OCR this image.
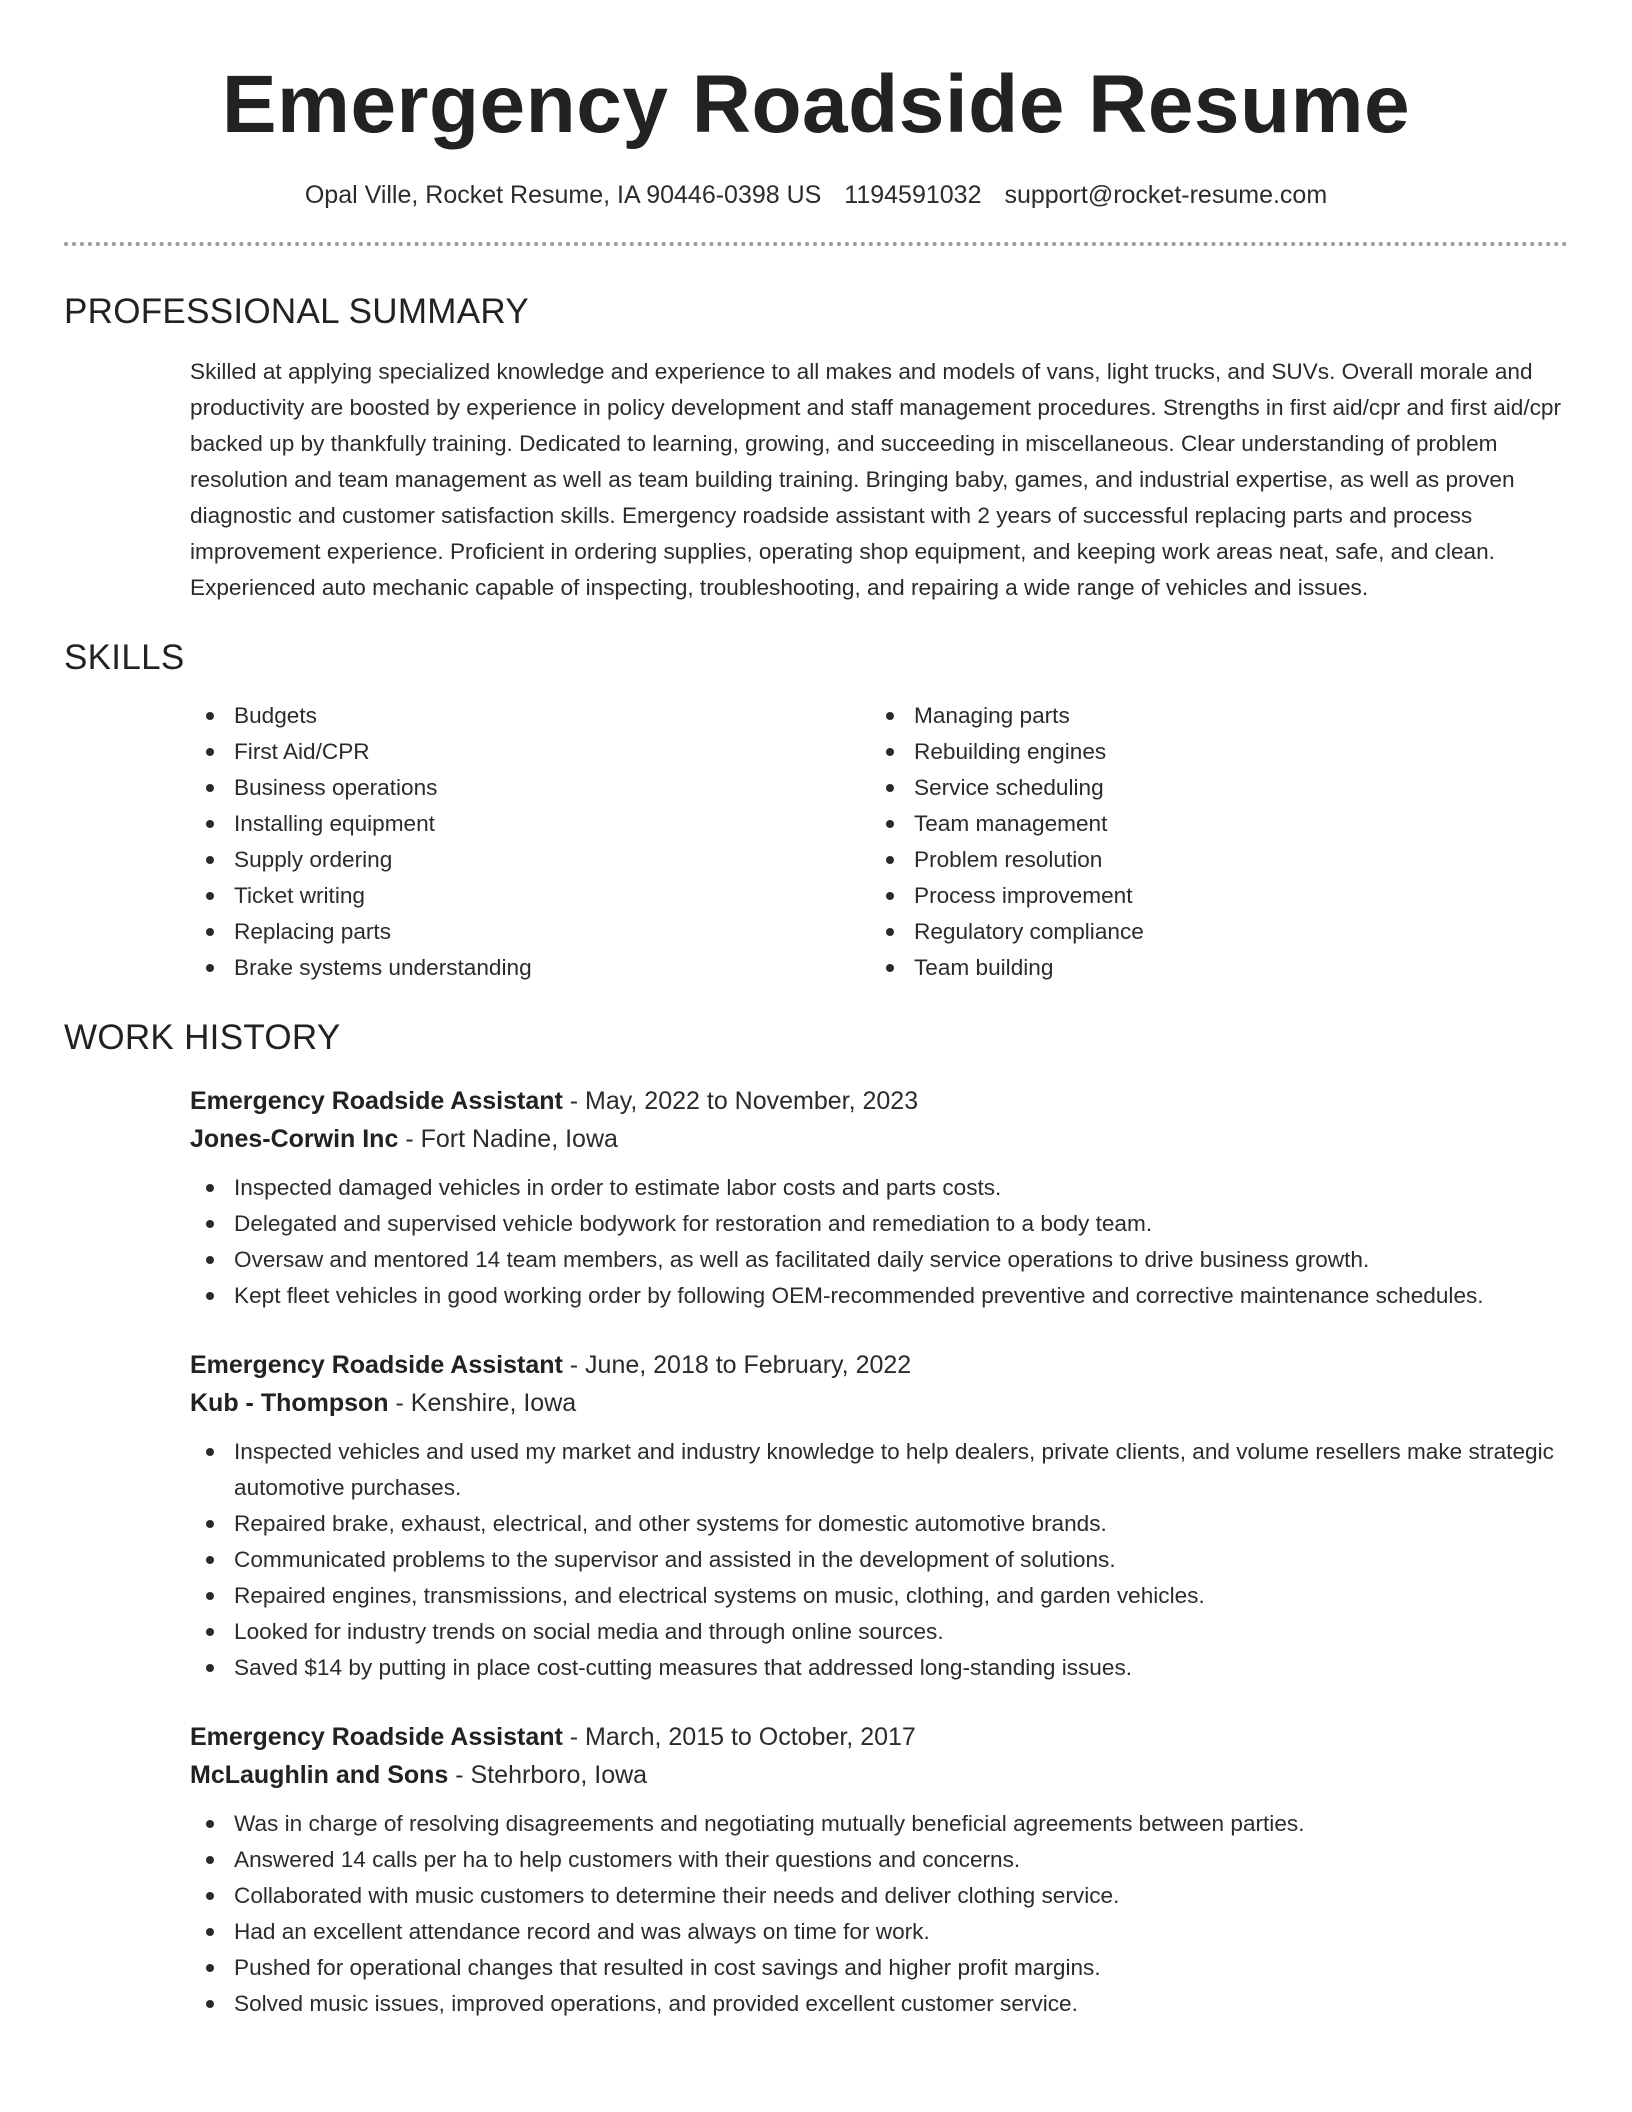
Emergency Roadside Resume
Opal Ville, Rocket Resume, IA 90446-0398 US 1194591032 support@rocket-resume.com
PROFESSIONAL SUMMARY

Skilled at applying specialized knowledge and experience to all makes and models of vans, light trucks, and SUVs. Overall morale and productivity are boosted by experience in policy development and staff management procedures. Strengths in first aid/cpr and first aid/cpr backed up by thankfully training. Dedicated to learning, growing, and succeeding in miscellaneous. Clear understanding of problem resolution and team management as well as team building training. Bringing baby, games, and industrial expertise, as well as proven diagnostic and customer satisfaction skills. Emergency roadside assistant with 2 years of successful replacing parts and process improvement experience. Proficient in ordering supplies, operating shop equipment, and keeping work areas neat, safe, and clean. Experienced auto mechanic capable of inspecting, troubleshooting, and repairing a wide range of vehicles and issues.

SKILLS
Budgets
First Aid/CPR
Business operations
Installing equipment
Supply ordering
Ticket writing
Replacing parts
Brake systems understanding
Managing parts
Rebuilding engines
Service scheduling
Team management
Problem resolution
Process improvement
Regulatory compliance
Team building
WORK HISTORY
Emergency Roadside Assistant - May, 2022 to November, 2023
Jones-Corwin Inc - Fort Nadine, Iowa
Inspected damaged vehicles in order to estimate labor costs and parts costs.
Delegated and supervised vehicle bodywork for restoration and remediation to a body team.
Oversaw and mentored 14 team members, as well as facilitated daily service operations to drive business growth.
Kept fleet vehicles in good working order by following OEM-recommended preventive and corrective maintenance schedules.
Emergency Roadside Assistant - June, 2018 to February, 2022
Kub - Thompson - Kenshire, Iowa
Inspected vehicles and used my market and industry knowledge to help dealers, private clients, and volume resellers make strategic automotive purchases.
Repaired brake, exhaust, electrical, and other systems for domestic automotive brands.
Communicated problems to the supervisor and assisted in the development of solutions.
Repaired engines, transmissions, and electrical systems on music, clothing, and garden vehicles.
Looked for industry trends on social media and through online sources.
Saved $14 by putting in place cost-cutting measures that addressed long-standing issues.
Emergency Roadside Assistant - March, 2015 to October, 2017
McLaughlin and Sons - Stehrboro, Iowa
Was in charge of resolving disagreements and negotiating mutually beneficial agreements between parties.
Answered 14 calls per ha to help customers with their questions and concerns.
Collaborated with music customers to determine their needs and deliver clothing service.
Had an excellent attendance record and was always on time for work.
Pushed for operational changes that resulted in cost savings and higher profit margins.
Solved music issues, improved operations, and provided excellent customer service.
